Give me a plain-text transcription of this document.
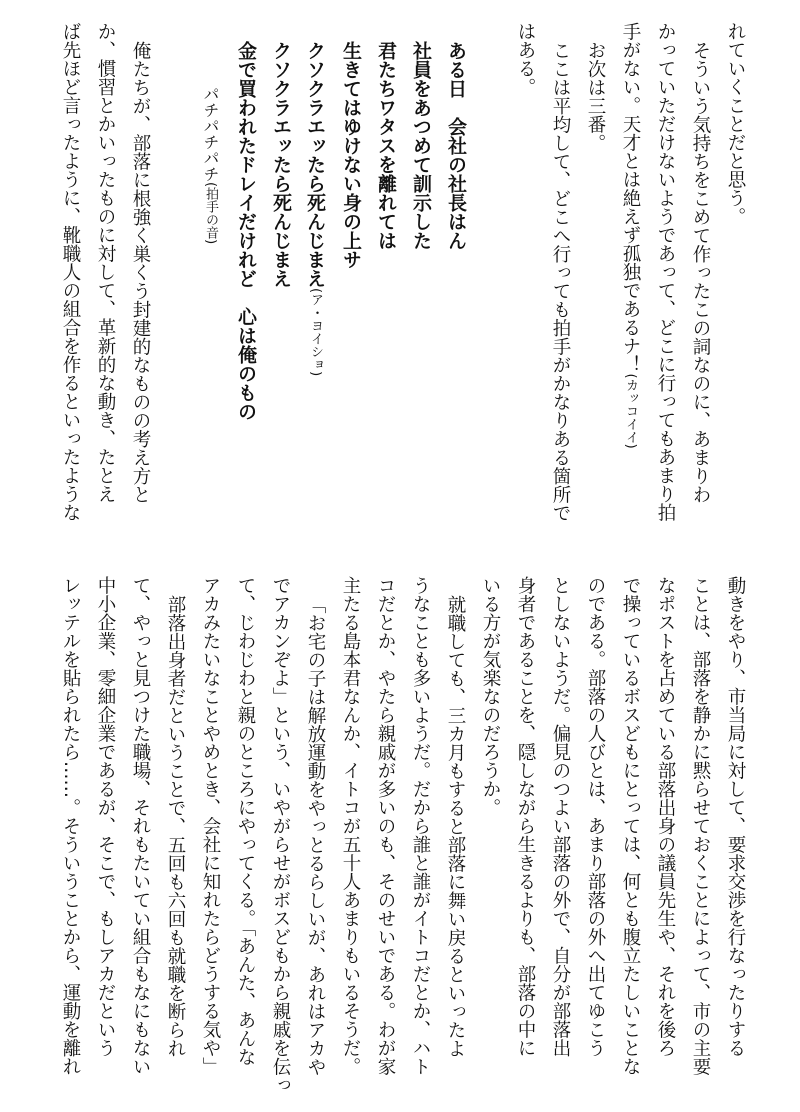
れていくことだと思う。

そういう気持ちをこめて作ったこの詞なのに、あまりわ

かっていただけないようであって、どこに行ってもあまり拍

手がない。天才とは絶えず孤独であるナ！(カッコイイ)

お次は三番。

ここは平均して、どこへ行っても拍手がかなりある箇所で

はある。

ある日　会社の社長はん

社員をあつめて訓示した

君たちワタスを離れては

生きてはゆけない身の上サ

クソクラエッたら死んじまえ(ア・ヨイショ)

クソクラエッたら死んじまえ

金で買われたドレイだけれど　心は俺のもの

パチパチパチ(拍手の音)

俺たちが、部落に根強く巣くう封建的なものの考え方と

か、慣習とかいったものに対して、革新的な動き、たとえ

ば先ほど言ったように、靴職人の組合を作るといったような

動きをやり、市当局に対して、要求交渉を行なったりする

ことは、部落を静かに黙らせておくことによって、市の主要

なポストを占めている部落出身の議員先生や、それを後ろ

で操っているボスどもにとっては、何とも腹立たしいことな

のである。部落の人びとは、あまり部落の外へ出てゆこう

としないようだ。偏見のつよい部落の外で、自分が部落出

身者であることを、隠しながら生きるよりも、部落の中に

いる方が気楽なのだろうか。

就職しても、三カ月もすると部落に舞い戻るといったよ

うなことも多いようだ。だから誰と誰がイトコだとか、ハト

コだとか、やたら親戚が多いのも、そのせいである。わが家

主たる島本君なんか、イトコが五十人あまりもいるそうだ。

「お宅の子は解放運動をやっとるらしいが、あれはアカや

でアカンぞよ」という、いやがらせがボスどもから親戚を伝っ

て、じわじわと親のところにやってくる。「あんた、あんな

アカみたいなことやめとき、会社に知れたらどうする気や」

部落出身者だということで、五回も六回も就職を断られ

て、やっと見つけた職場、それもたいてい組合もなにもない

中小企業、零細企業であるが、そこで、もしアカだという

レッテルを貼られたら……。そういうことから、運動を離れ
